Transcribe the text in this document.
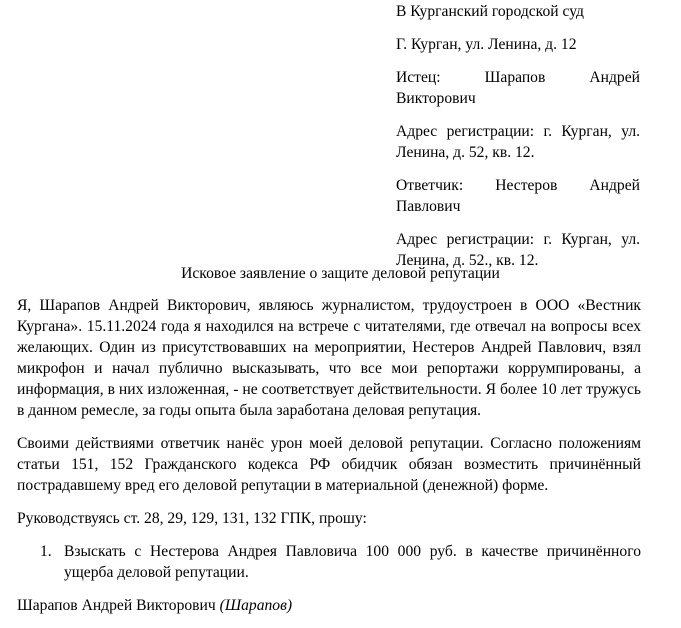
В Курганский городской суд

Г. Курган, ул. Ленина, д. 12

Истец:	Шарапов Андрей Викторович

Адрес регистрации: г. Курган, ул. Ленина, д. 52, кв. 12.

Ответчик: Нестеров Андрей Павлович

Адрес регистрации: г. Курган, ул. Ленина, д. 52., кв. 12.

Исковое заявление о защите деловой репутации

Я, Шарапов Андрей Викторович, являюсь журналистом, трудоустроен в ООО «Вестник Кургана». 15.11.2024 года я находился на встрече с читателями, где отвечал на вопросы всех желающих. Один из присутствовавших на мероприятии, Нестеров Андрей Павлович, взял микрофон и начал публично высказывать, что все мои репортажи коррумпированы, а информация, в них изложенная, - не соответствует действительности. Я более 10 лет тружусь в данном ремесле, за годы опыта была заработана деловая репутация.

Своими действиями ответчик нанёс урон моей деловой репутации. Согласно положениям статьи 151, 152 Гражданского кодекса РФ обидчик обязан возместить причинённый пострадавшему вред его деловой репутации в материальной (денежной) форме.

Руководствуясь ст. 28, 29, 129, 131, 132 ГПК, прошу:

1. Взыскать с Нестерова Андрея Павловича 100 000 руб. в качестве причинённого ущерба деловой репутации.

Шарапов Андрей Викторович (Шарапов)
